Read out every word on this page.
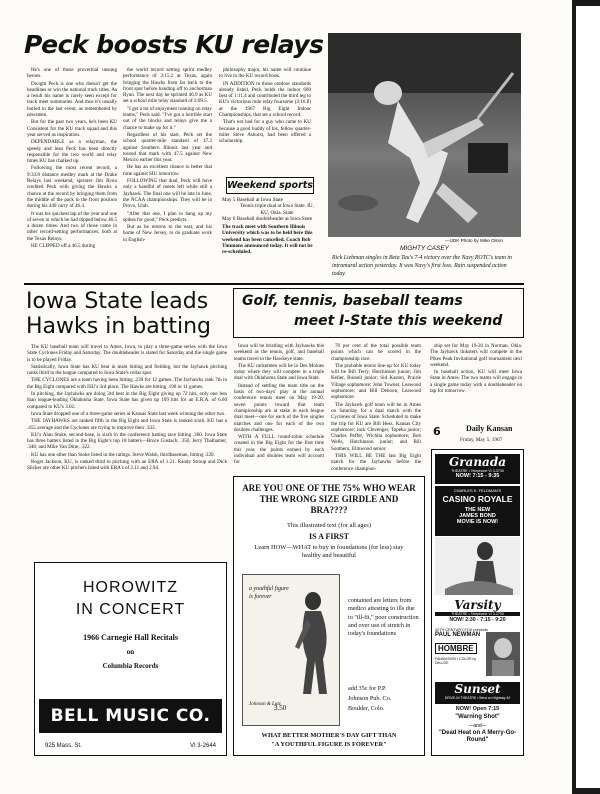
Peck boosts KU relays

He's one of those proverbial unsung heroes.

Dwight Peck is one who doesn't get the headlines or win the national track titles. As a result his name is rarely seen except for track meet summaries. And thus it's usually buried in the last event, as remembered by newsmen.

But for the past two years, he's been KU Consistent for the KU track squad and this year served as inspiration.

DEPENDABLE as a relayman, the speedy and lean Peck has been directly responsible for the two world and relay times KU has chalked up.

Following the most recent record, a 9:33.8 distance medley mark at the Drake Relays last weekend, sprinter Jim Ryun credited Peck with giving the Hawks a chance at the record by bringing them from the middle of the pack to the front position during his 440 carry of 46.4.

It was his quickest lap of the year and one of seven in which he had dipped below 46.5 a dozen times. And two of those came in other record-setting performances, both at the Texas Relays.

HE CLIPPED off a 46.5 during

the world record setting sprint medley performance of 3:15.2 at Texas, again bringing the Hawks from far back to the front spot before handing off to anchorman Ryun. The next day he sprinted 46.9 as KU set a school mile relay standard of 3:09.5.

"I get a lot of enjoyment running on relay teams," Peck said. "I've got a horrible start out of the blocks and relays give me a chance to make up for it."

Regardless of his start, Peck set the school quarter-mile standard of 47.2 against Southern Illinois last year and toured that mark with 47.5 against New Mexico earlier this year.

He has an excellent chance to better that time against SIU tomorrow.

FOLLOWING that dual, Peck will have only a handful of meets left while still a Jayhawk. The final one will be late in June, the NCAA championships. They will be in Provo, Utah.

"After that one, I plan to hang up my spikes for good," Peck predicts.

But as he returns to the east, and his home of New Jersey, to do graduate work in English-

philosophy major, his name will continue to live in the KU record book.

IN ADDITION to those outdoor standards already listed, Peck holds the indoor 600 best of 1:11.4 and contributed the third leg to KU's victorious mile relay foursome (3:16.8) at the 1967 Big Eight Indoor Championships, that set a school record.

That's not bad for a guy who came to KU because a good buddy of his, fellow quarter-miler Steve Ashurst, had been offered a scholarship.

Weekend sports
May 5 Baseball at Iowa State
Tennis triple dual at Iowa State. IU, KU, Okla. State
May 6 Baseball doubleheader at Iowa State
The track meet with Southern Illinois University which was to be held here this weekend has been cancelled. Coach Bob Timmons announced today. It will not be re-scheduled.
—UDK Photo by Mike Olson
MIGHTY CASEY
Rick Liebman singles in Beta Tau's 7-4 victory over the Navy ROTC's team in intramural action yesterday. It was Navy's first loss. Rain suspended action today.
Iowa State leads
Hawks in batting

The KU baseball team will travel to Ames, Iowa, to play a three-game series with the Iowa State Cyclones Friday and Saturday. The doubleheader is slated for Saturday and the single game is to be played Friday.

Statistically, Iowa State has KU beat in team hitting and fielding, but the Jayhawk pitching ranks third in the league compared to Iowa State's cellar spot.

THE CYCLONES are a team having been hitting .239 for 12 games. The Jayhawks rank 7th in the Big Eight compared with ISU's 3rd place. The Hawks are hitting .198 in 11 games.

In pitching, the Jayhawks are doing 3rd best in the Big Eight giving up 72 hits, only one less than league-leading Oklahoma State. Iowa State has given up 109 hits for an E.R.A. of 6.60 compared to KU's 3.02.

Iowa State dropped one of a three-game series at Kansas State last week winning the other two.

THE JAYHAWKS are ranked fifth in the Big Eight and Iowa State is ranked sixth. KU has a .455 average and the Cyclones are trying to improve their .333.

KU's Alan Stoke, second-base, is sixth in the conference batting race hitting .360. Iowa State has three batters listed in the Big Eight's top 18 batters—Bruce Gustach, .350, Jerry Thalhamer, .348, and Mike Van Dine, .322.

KU has one other than Stoke listed in the ratings. Steve Walsh, thirdbaseman, hitting .320.

Roger Jackson, KU, is ranked third in pitching with an ERA of 1.21. Randy Stroup and Dick Slicker are other KU pitchers listed with ERA's of 2.11 and 2.94.

Golf, tennis, baseball teams
meet I-State this weekend

Iowa will be bristling with Jayhawks this weekend as the tennis, golf, and baseball teams travel to the Hawkeye state.

The KU racketmen will be in Des Moines today where they will compete in a triple dual with Oklahoma State and Iowa State.

Instead of settling the team title on the basis of two-days' play at the annual conference tennis meet on May 19-20, seven points toward that team championship are at stake in each league dual meet—one for each of the five singles matches and one for each of the two doubles challenges.

WITH A FULL round-robin schedule created in the Big Eight for the first time this year, the points earned by each individual and doubles team will account for

70 per cent of the total possible team points which can be scored in the championship race.

The probable tennis line-up for KU today will be Bill Terry, Hutchinson junior; Jim Keller, Russell junior; Sid Kaston, Prairie Village sophomore; John Towner, Leawood sophomore; and Bill Deboon, Leawood sophomore.

The Jayhawk golf team will be in Ames on Saturday for a dual match with the Cyclones of Iowa State. Scheduled to make the trip for KU are Bill Hess, Kansas City sophomore; Jack Clevenger, Topeka junior; Charles Peffer, Wichita sophomore; Bob Wells, Hutchinson junior; and Bill Southern, Elmwood senior.

THIS WILL BE THE last Big Eight match for the Jayhawks before the conference champion-

ship set for May 19-20 in Norman, Okla. The Jayhawk linksters will compete in the Pikes Peak Invitational golf tournament next weekend.

In baseball action, KU will meet Iowa State in Ames. The two teams will engage in a single game today with a doubleheader on tap for tomorrow.

6	Daily Kansan
Friday, May 5, 1967
HOROWITZ
IN CONCERT
1966 Carnegie Hall Recitals
on
Columbia Records
BELL MUSIC CO.
925 Mass. St.	VI 3-2644
ARE YOU ONE OF THE 75% WHO WEAR THE WRONG SIZE GIRDLE AND BRA????
This illustrated text (for all ages)
IS A FIRST
Learn HOW—WHAT to buy in foundations (for less) stay healthy and beautiful
a youthful figure is forever
Johnson & Lutz
3.50
contained are letters from medico attesting to ills due to "ill-fit," poor construction and over use of stretch in today's foundations
add 35c for P.P.
Johnson Pub. Co.
Boulder, Colo.
WHAT BETTER MOTHER'S DAY GIFT THAN
"A YOUTHFUL FIGURE IS FOREVER"
Granada
THEATRE • Telephone VI 3-3730
NOW! 7:15 - 9:35
CHARLES K. FELDMAN'S
CASINO ROYALE
THE NEW
JAMES BOND
MOVIE IS NOW!
Varsity
THEATRE • Telephone VI 3-2700
NOW! 2:30 - 7:15 - 9:20
20TH CENTURY-FOX presents
PAUL NEWMAN
HOMBRE
PANAVISION • COLOR by DeLUXE
Sunset
DRIVE-IN THEATRE • West on Highway 40
NOW! Open 7:15
"Warning Shot"
—and—
"Dead Heat on A Merry-Go-Round"
